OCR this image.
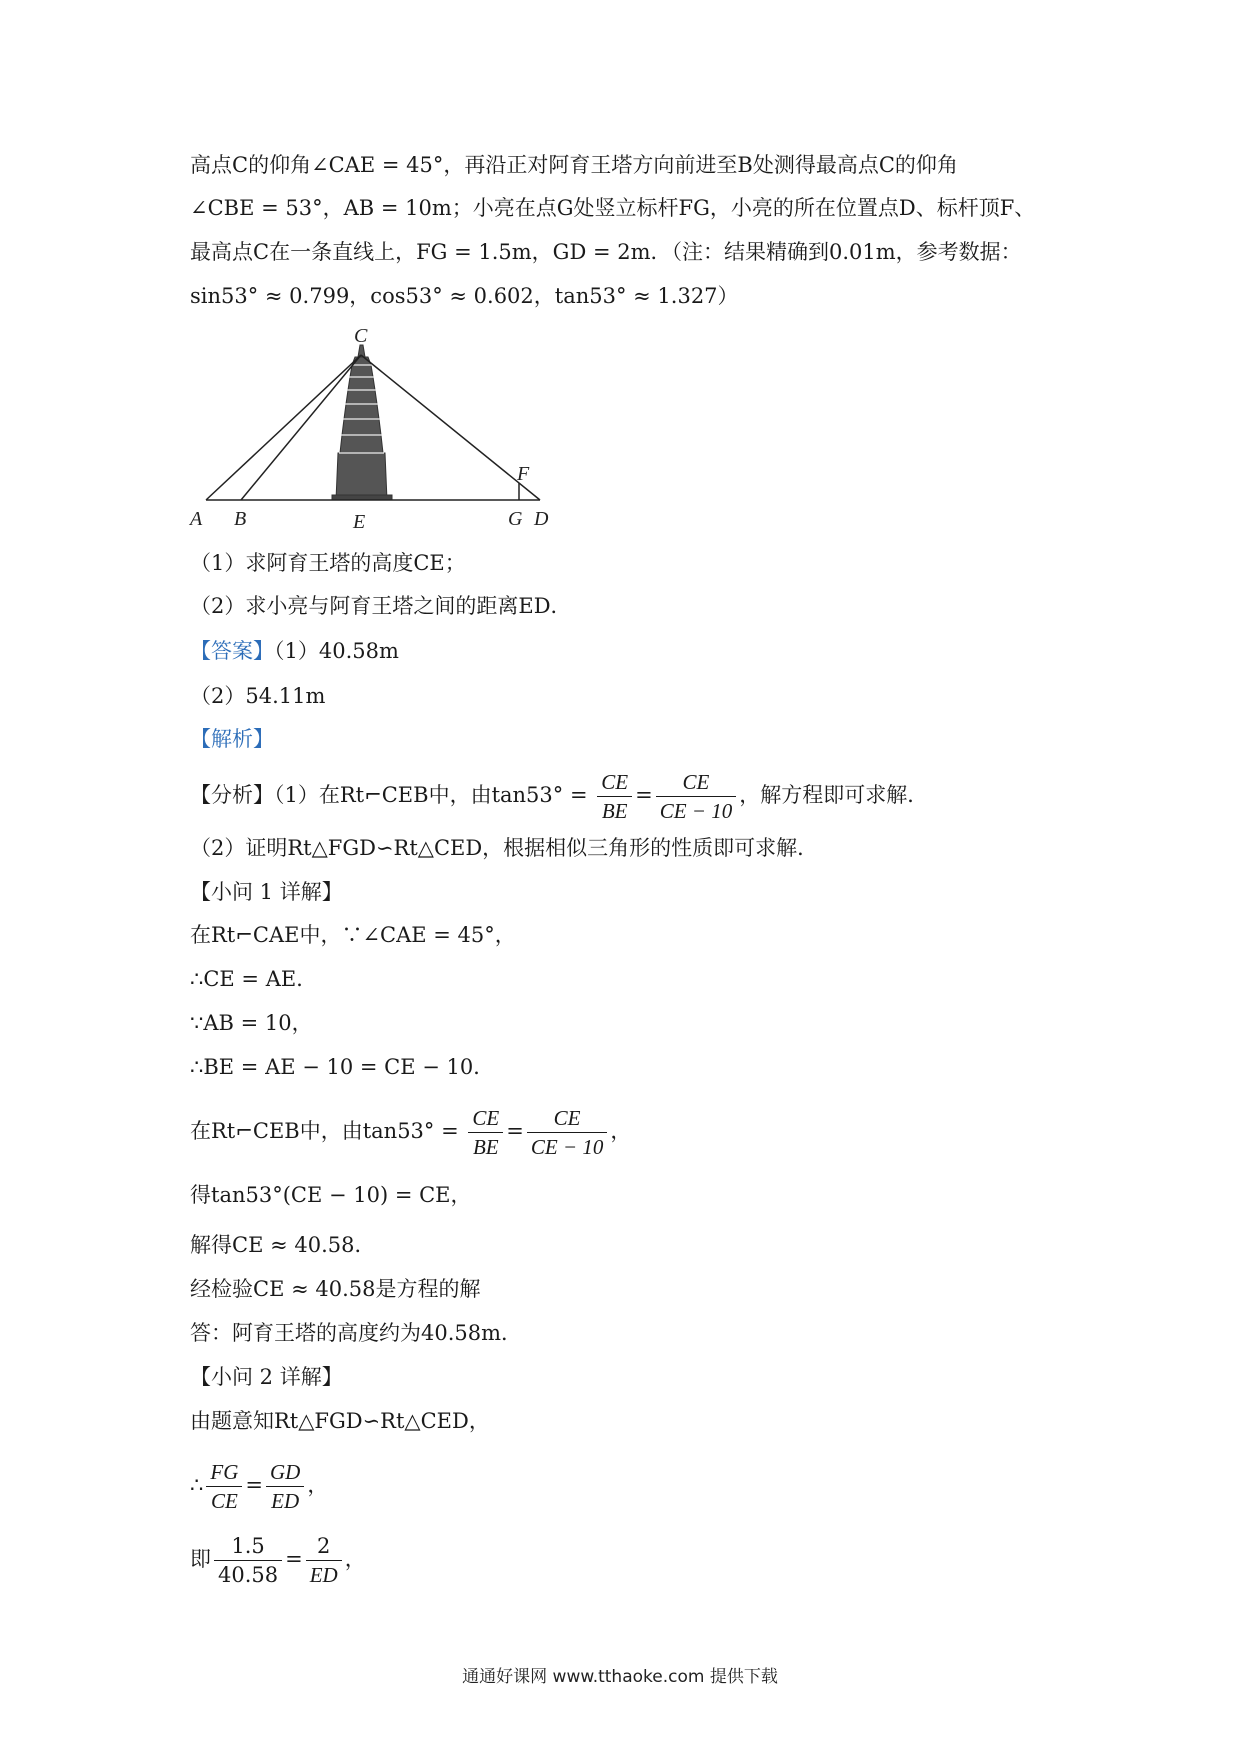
高点C的仰角∠CAE = 45°，再沿正对阿育王塔方向前进至B处测得最高点C的仰角
∠CBE = 53°，AB = 10m；小亮在点G处竖立标杆FG，小亮的所在位置点D、标杆顶F、
最高点C在一条直线上，FG = 1.5m，GD = 2m．（注：结果精确到0.01m，参考数据：
sin53° ≈ 0.799，cos53° ≈ 0.602，tan53° ≈ 1.327）
C
A B	E
F
G D
（1）求阿育王塔的高度CE；
（2）求小亮与阿育王塔之间的距离ED．
【答案】（1）40.58m
（2）54.11m
【解析】
【分析】（1）在Rt⌐CEB中，由$\tan 53^\circ = \frac{CE}{BE} = \frac{CE}{CE - 10}$ ，解方程即可求解．
（2）证明Rt△FGD∽Rt△CED，根据相似三角形的性质即可求解．
【小问 1 详解】
在Rt⌐CAE中，∵∠CAE = 45°，
∴CE = AE．
∵AB = 10，
∴BE = AE − 10 = CE − 10．
在Rt⌐CEB中，由$\tan 53^\circ = \frac{CE}{BE} = \frac{CE}{CE - 10}$ ，
得tan53°(CE − 10) = CE，
解得CE ≈ 40.58．
经检验CE ≈ 40.58是方程的解
答：阿育王塔的高度约为40.58m．
【小问 2 详解】
由题意知Rt△FGD∽Rt△CED，
∴ $\frac{FG}{CE} = \frac{GD}{ED}$ ，
即 $\frac{1.5}{40.58} = \frac{2}{ED}$ ，
通通好课网 www.tthaoke.com 提供下载
